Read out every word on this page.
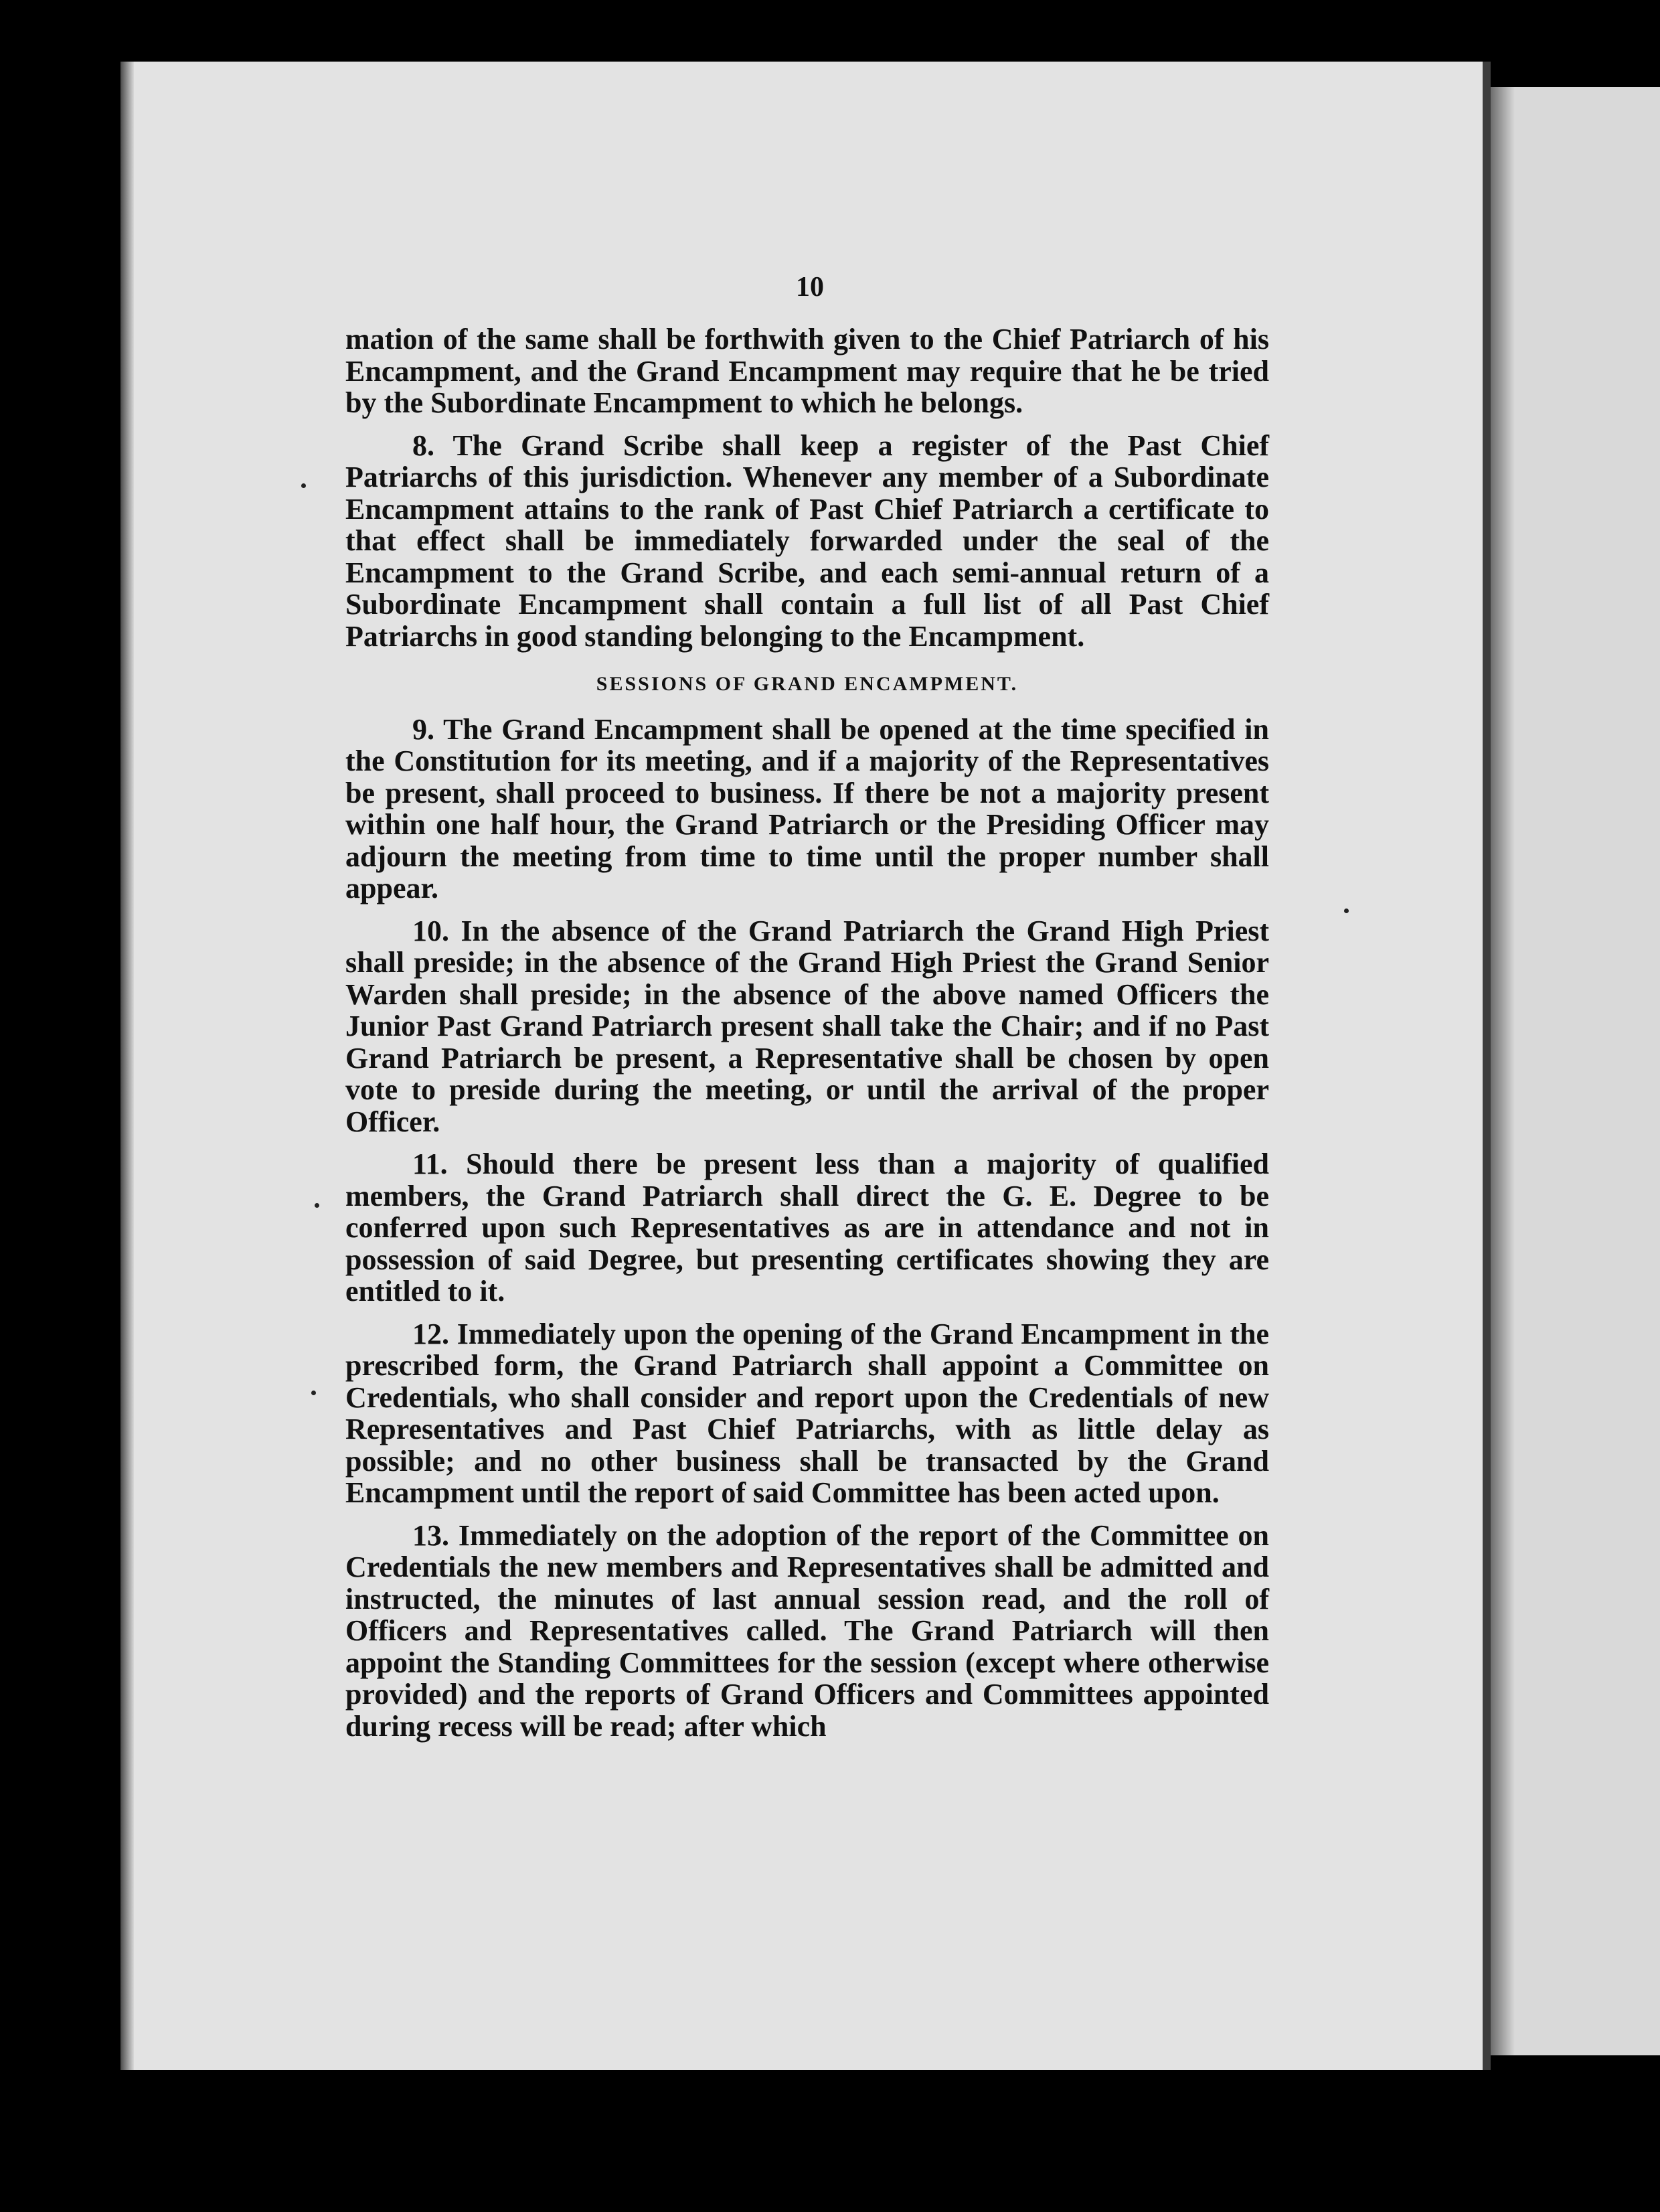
10

mation of the same shall be forthwith given to the Chief Patriarch of his Encampment, and the Grand Encampment may require that he be tried by the Subordinate Encampment to which he belongs.

8. The Grand Scribe shall keep a register of the Past Chief Patriarchs of this jurisdiction. Whenever any member of a Subordinate Encampment attains to the rank of Past Chief Patriarch a certificate to that effect shall be immediately forwarded under the seal of the Encampment to the Grand Scribe, and each semi-annual return of a Subordinate Encampment shall contain a full list of all Past Chief Patriarchs in good standing belonging to the Encampment.

SESSIONS OF GRAND ENCAMPMENT.

9. The Grand Encampment shall be opened at the time specified in the Constitution for its meeting, and if a majority of the Representatives be present, shall proceed to business. If there be not a majority present within one half hour, the Grand Patriarch or the Presiding Officer may adjourn the meeting from time to time until the proper number shall appear.

10. In the absence of the Grand Patriarch the Grand High Priest shall preside; in the absence of the Grand High Priest the Grand Senior Warden shall preside; in the absence of the above named Officers the Junior Past Grand Patriarch present shall take the Chair; and if no Past Grand Patriarch be present, a Representative shall be chosen by open vote to preside during the meeting, or until the arrival of the proper Officer.

11. Should there be present less than a majority of qualified members, the Grand Patriarch shall direct the G. E. Degree to be conferred upon such Representatives as are in attendance and not in possession of said Degree, but presenting certificates showing they are entitled to it.

12. Immediately upon the opening of the Grand Encampment in the prescribed form, the Grand Patriarch shall appoint a Committee on Credentials, who shall consider and report upon the Credentials of new Representatives and Past Chief Patriarchs, with as little delay as possible; and no other business shall be transacted by the Grand Encampment until the report of said Committee has been acted upon.

13. Immediately on the adoption of the report of the Committee on Credentials the new members and Representatives shall be admitted and instructed, the minutes of last annual session read, and the roll of Officers and Representatives called. The Grand Patriarch will then appoint the Standing Committees for the session (except where otherwise provided) and the reports of Grand Officers and Committees appointed during recess will be read; after which
